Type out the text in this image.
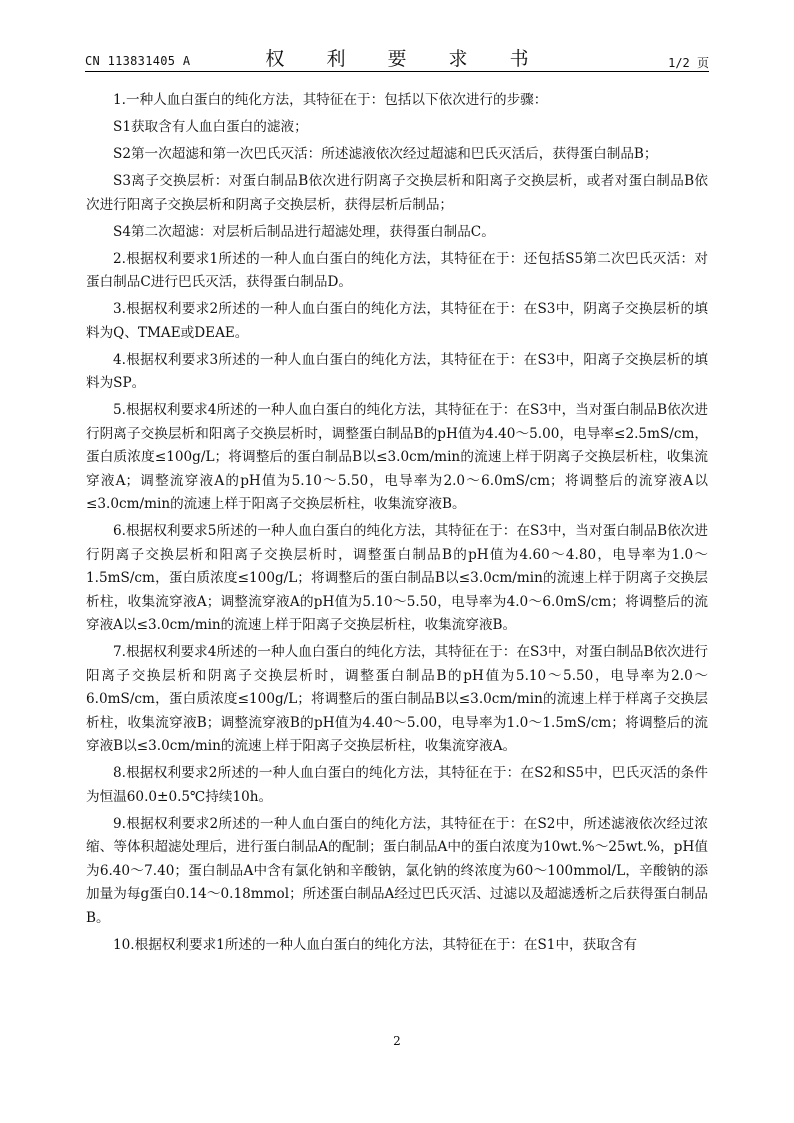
CN 113831405 A	权 利 要 求 书	1/2 页

1.一种人血白蛋白的纯化方法，其特征在于：包括以下依次进行的步骤：

S1获取含有人血白蛋白的滤液；

S2第一次超滤和第一次巴氏灭活：所述滤液依次经过超滤和巴氏灭活后，获得蛋白制品B；

S3离子交换层析：对蛋白制品B依次进行阴离子交换层析和阳离子交换层析，或者对蛋白制品B依次进行阳离子交换层析和阴离子交换层析，获得层析后制品；

S4第二次超滤：对层析后制品进行超滤处理，获得蛋白制品C。

2.根据权利要求1所述的一种人血白蛋白的纯化方法，其特征在于：还包括S5第二次巴氏灭活：对蛋白制品C进行巴氏灭活，获得蛋白制品D。

3.根据权利要求2所述的一种人血白蛋白的纯化方法，其特征在于：在S3中，阴离子交换层析的填料为Q、TMAE或DEAE。

4.根据权利要求3所述的一种人血白蛋白的纯化方法，其特征在于：在S3中，阳离子交换层析的填料为SP。

5.根据权利要求4所述的一种人血白蛋白的纯化方法，其特征在于：在S3中，当对蛋白制品B依次进行阴离子交换层析和阳离子交换层析时，调整蛋白制品B的pH值为4.40～5.00，电导率≤2.5mS/cm，蛋白质浓度≤100g/L；将调整后的蛋白制品B以≤3.0cm/min的流速上样于阴离子交换层析柱，收集流穿液A；调整流穿液A的pH值为5.10～5.50，电导率为2.0～6.0mS/cm；将调整后的流穿液A以≤3.0cm/min的流速上样于阳离子交换层析柱，收集流穿液B。

6.根据权利要求5所述的一种人血白蛋白的纯化方法，其特征在于：在S3中，当对蛋白制品B依次进行阴离子交换层析和阳离子交换层析时，调整蛋白制品B的pH值为4.60～4.80，电导率为1.0～1.5mS/cm，蛋白质浓度≤100g/L；将调整后的蛋白制品B以≤3.0cm/min的流速上样于阴离子交换层析柱，收集流穿液A；调整流穿液A的pH值为5.10～5.50，电导率为4.0～6.0mS/cm；将调整后的流穿液A以≤3.0cm/min的流速上样于阳离子交换层析柱，收集流穿液B。

7.根据权利要求4所述的一种人血白蛋白的纯化方法，其特征在于：在S3中，对蛋白制品B依次进行阳离子交换层析和阴离子交换层析时，调整蛋白制品B的pH值为5.10～5.50，电导率为2.0～6.0mS/cm，蛋白质浓度≤100g/L；将调整后的蛋白制品B以≤3.0cm/min的流速上样于样离子交换层析柱，收集流穿液B；调整流穿液B的pH值为4.40～5.00，电导率为1.0～1.5mS/cm；将调整后的流穿液B以≤3.0cm/min的流速上样于阳离子交换层析柱，收集流穿液A。

8.根据权利要求2所述的一种人血白蛋白的纯化方法，其特征在于：在S2和S5中，巴氏灭活的条件为恒温60.0±0.5℃持续10h。

9.根据权利要求2所述的一种人血白蛋白的纯化方法，其特征在于：在S2中，所述滤液依次经过浓缩、等体积超滤处理后，进行蛋白制品A的配制；蛋白制品A中的蛋白浓度为10wt.%～25wt.%，pH值为6.40～7.40；蛋白制品A中含有氯化钠和辛酸钠，氯化钠的终浓度为60～100mmol/L，辛酸钠的添加量为每g蛋白0.14～0.18mmol；所述蛋白制品A经过巴氏灭活、过滤以及超滤透析之后获得蛋白制品B。

10.根据权利要求1所述的一种人血白蛋白的纯化方法，其特征在于：在S1中，获取含有

2
